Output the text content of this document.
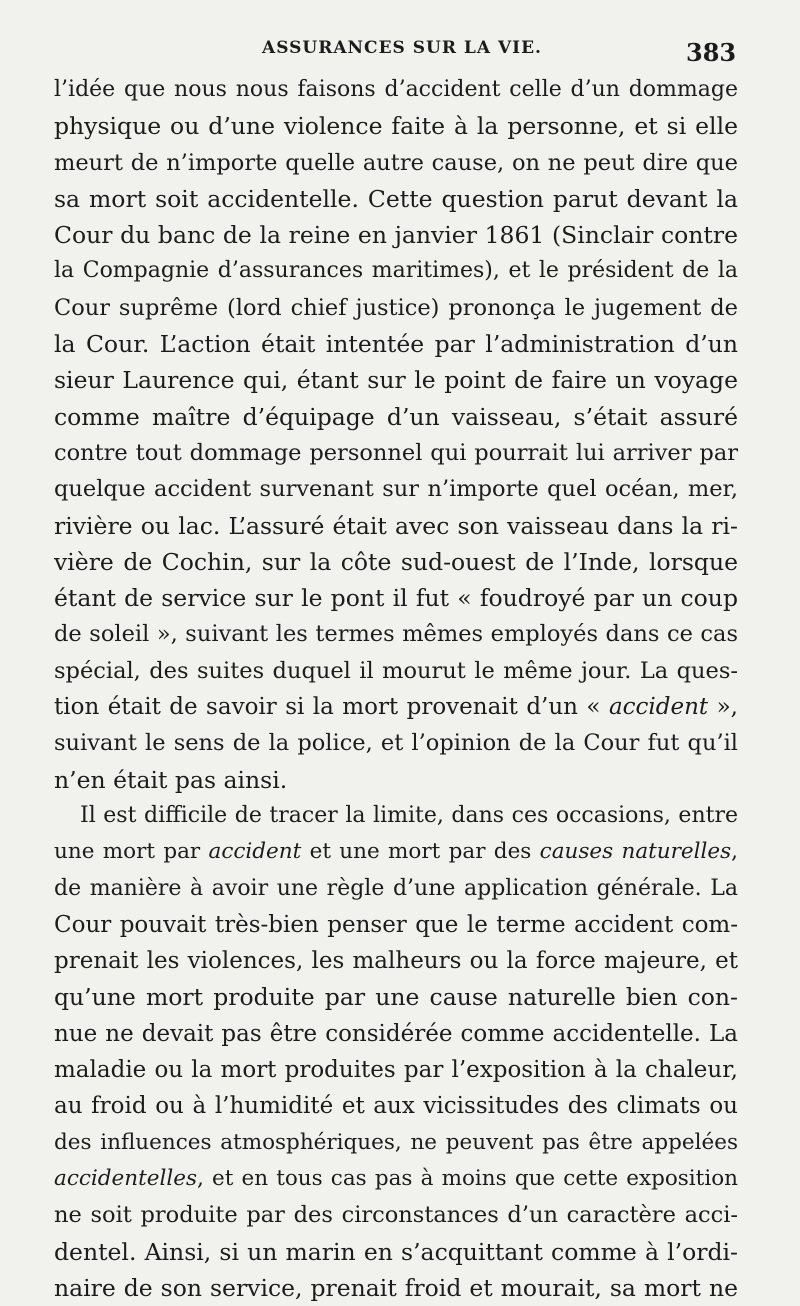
ASSURANCES SUR LA VIE.	383
l’idée que nous nous faisons d’accident celle d’un dommage
physique ou d’une violence faite à la personne, et si elle
meurt de n’importe quelle autre cause, on ne peut dire que
sa mort soit accidentelle. Cette question parut devant la
Cour du banc de la reine en janvier 1861 (Sinclair contre
la Compagnie d’assurances maritimes), et le président de la
Cour suprême (lord chief justice) prononça le jugement de
la Cour. L’action était intentée par l’administration d’un
sieur Laurence qui, étant sur le point de faire un voyage
comme maître d’équipage d’un vaisseau, s’était assuré
contre tout dommage personnel qui pourrait lui arriver par
quelque accident survenant sur n’importe quel océan, mer,
rivière ou lac. L’assuré était avec son vaisseau dans la ri-
vière de Cochin, sur la côte sud-ouest de l’Inde, lorsque
étant de service sur le pont il fut « foudroyé par un coup
de soleil », suivant les termes mêmes employés dans ce cas
spécial, des suites duquel il mourut le même jour. La ques-
tion était de savoir si la mort provenait d’un « accident »,
suivant le sens de la police, et l’opinion de la Cour fut qu’il
n’en était pas ainsi.
Il est difficile de tracer la limite, dans ces occasions, entre
une mort par accident et une mort par des causes naturelles,
de manière à avoir une règle d’une application générale. La
Cour pouvait très-bien penser que le terme accident com-
prenait les violences, les malheurs ou la force majeure, et
qu’une mort produite par une cause naturelle bien con-
nue ne devait pas être considérée comme accidentelle. La
maladie ou la mort produites par l’exposition à la chaleur,
au froid ou à l’humidité et aux vicissitudes des climats ou
des influences atmosphériques, ne peuvent pas être appelées
accidentelles, et en tous cas pas à moins que cette exposition
ne soit produite par des circonstances d’un caractère acci-
dentel. Ainsi, si un marin en s’acquittant comme à l’ordi-
naire de son service, prenait froid et mourait, sa mort ne
